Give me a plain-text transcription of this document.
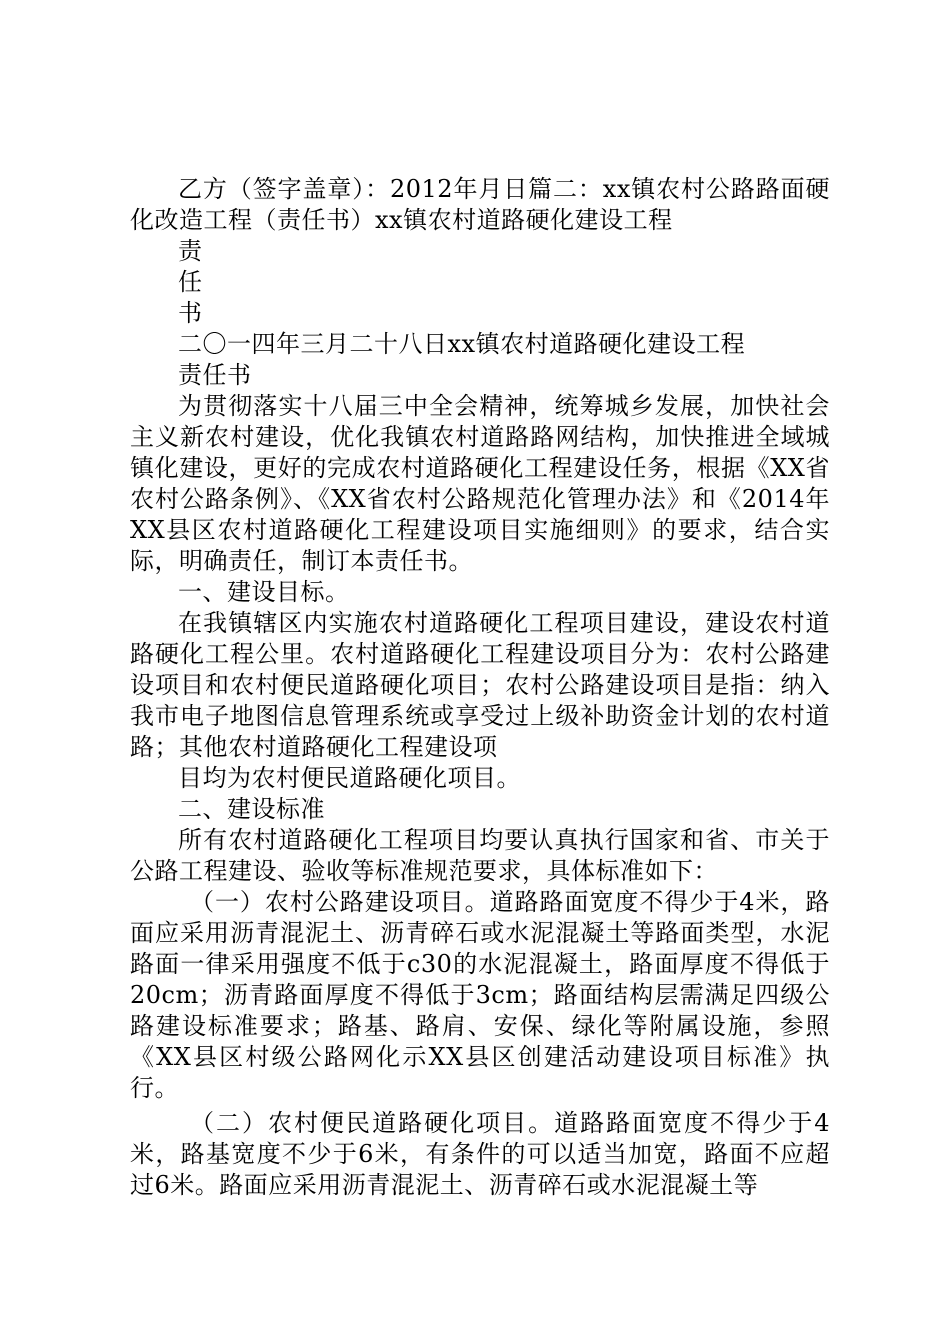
乙方（签字盖章）：2012年月日篇二：xx镇农村公路路面硬化改造工程（责任书）xx镇农村道路硬化建设工程

责

任

书

二〇一四年三月二十八日xx镇农村道路硬化建设工程

责任书

为贯彻落实十八届三中全会精神，统筹城乡发展，加快社会主义新农村建设，优化我镇农村道路路网结构，加快推进全域城镇化建设，更好的完成农村道路硬化工程建设任务，根据《XX省农村公路条例》、《XX省农村公路规范化管理办法》和《2014年XX县区农村道路硬化工程建设项目实施细则》的要求，结合实际，明确责任，制订本责任书。

一、建设目标。

在我镇辖区内实施农村道路硬化工程项目建设，建设农村道路硬化工程公里。农村道路硬化工程建设项目分为：农村公路建设项目和农村便民道路硬化项目；农村公路建设项目是指：纳入我市电子地图信息管理系统或享受过上级补助资金计划的农村道路；其他农村道路硬化工程建设项

目均为农村便民道路硬化项目。

二、建设标准

所有农村道路硬化工程项目均要认真执行国家和省、市关于公路工程建设、验收等标准规范要求，具体标准如下：

（一）农村公路建设项目。道路路面宽度不得少于4米，路面应采用沥青混泥土、沥青碎石或水泥混凝土等路面类型，水泥路面一律采用强度不低于c30的水泥混凝土，路面厚度不得低于20cm；沥青路面厚度不得低于3cm；路面结构层需满足四级公路建设标准要求；路基、路肩、安保、绿化等附属设施，参照《XX县区村级公路网化示XX县区创建活动建设项目标准》执行。

（二）农村便民道路硬化项目。道路路面宽度不得少于4米，路基宽度不少于6米，有条件的可以适当加宽，路面不应超过6米。路面应采用沥青混泥土、沥青碎石或水泥混凝土等
